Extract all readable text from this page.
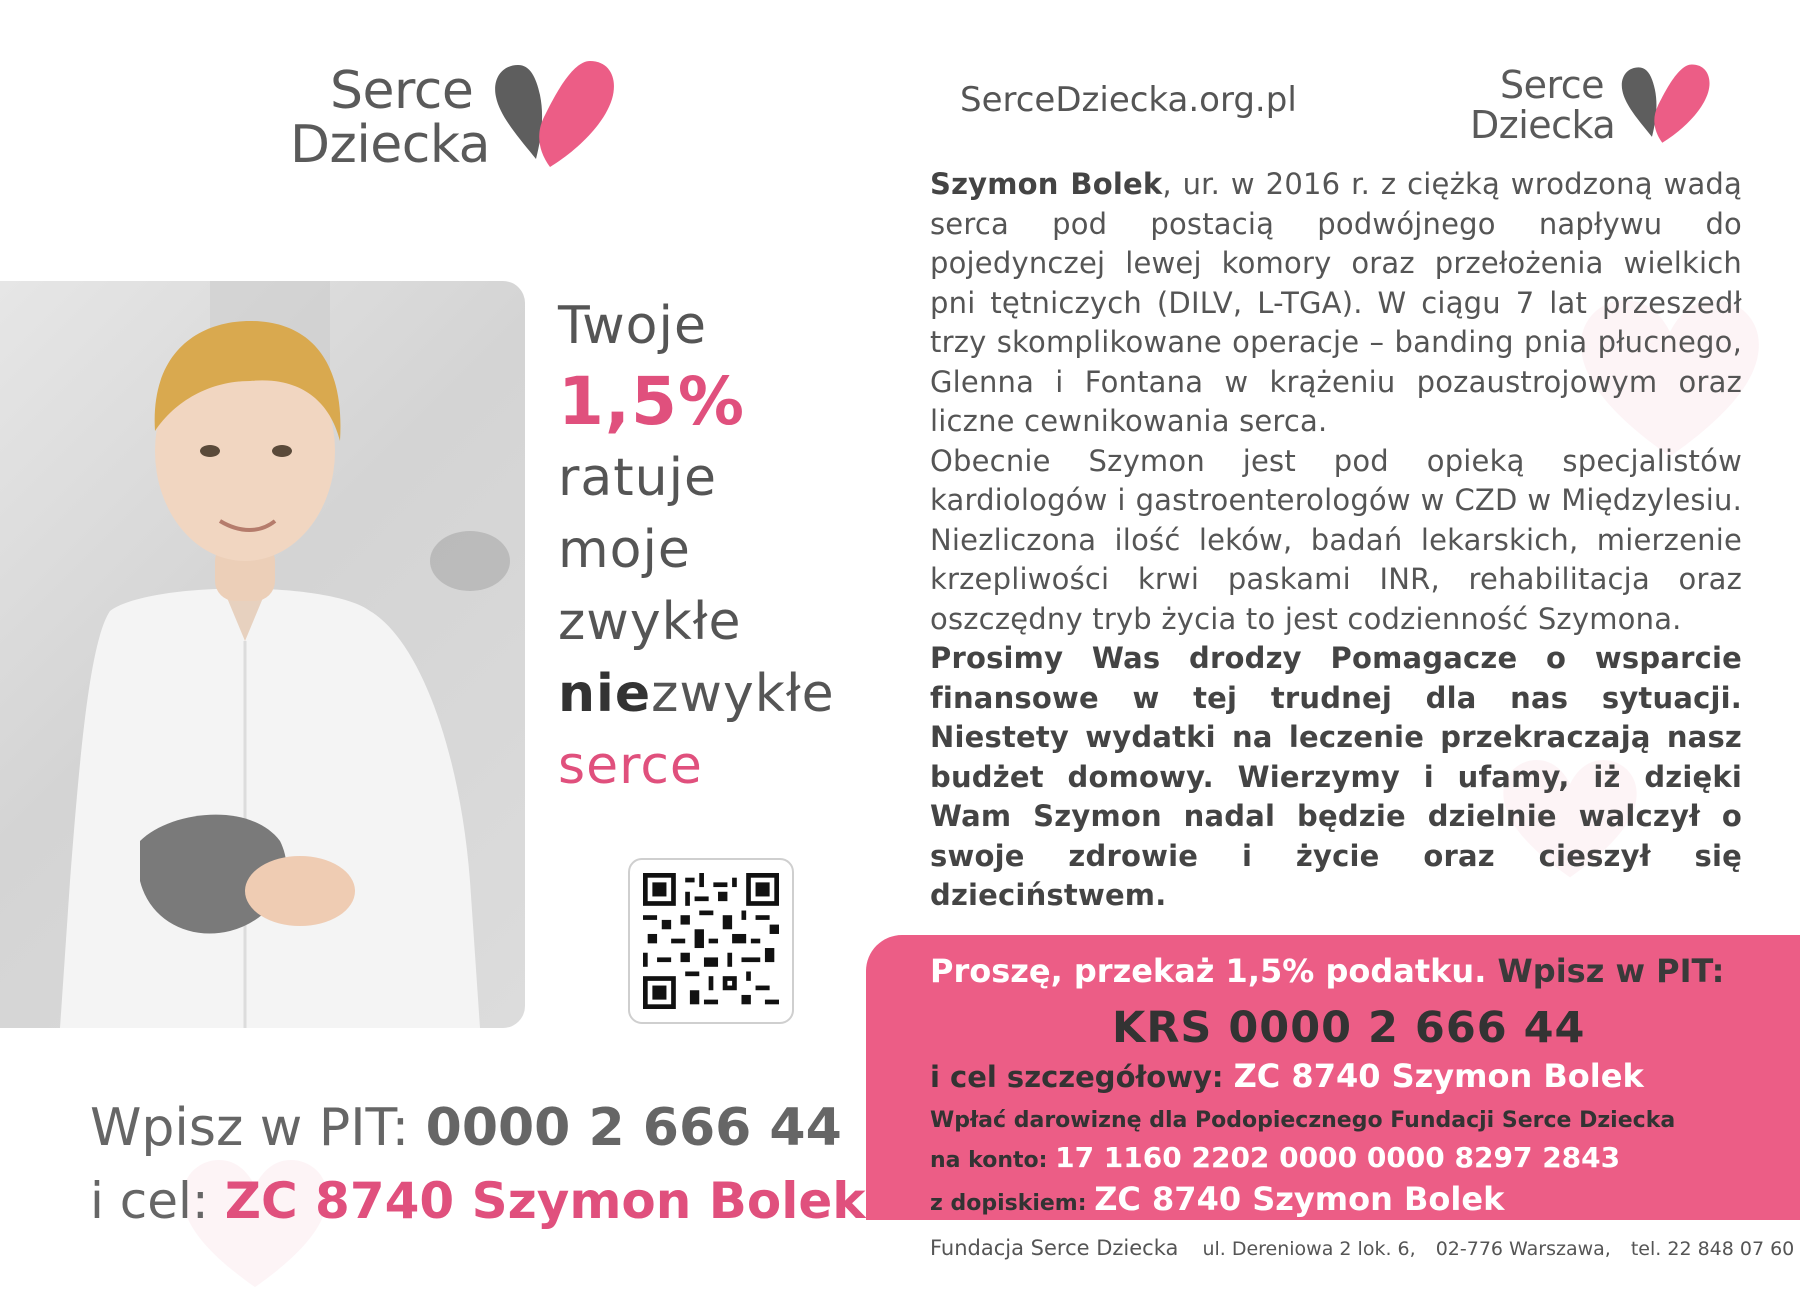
Serce
Dziecka
SerceDziecka.org.pl	Serce
Dziecka
Twoje
1,5%
ratuje
moje
zwykłe
niezwykłe
serce
Wpisz w PIT: 0000 2 666 44
i cel: ZC 8740 Szymon Bolek

Szymon Bolek, ur. w 2016 r. z ciężką wrodzoną wadą serca pod postacią podwójnego napływu do pojedynczej lewej komory oraz przełożenia wielkich pni tętniczych (DILV, L-TGA). W ciągu 7 lat przeszedł trzy skomplikowane operacje – banding pnia płucnego, Glenna i Fontana w krążeniu pozaustrojowym oraz liczne cewnikowania serca.

Obecnie Szymon jest pod opieką specjalistów kardiologów i gastroenterologów w CZD w Międzylesiu. Niezliczona ilość leków, badań lekarskich, mierzenie krzepliwości krwi paskami INR, rehabilitacja oraz oszczędny tryb życia to jest codzienność Szymona.

Prosimy Was drodzy Pomagacze o wsparcie finansowe w tej trudnej dla nas sytuacji. Niestety wydatki na leczenie przekraczają nasz budżet domowy. Wierzymy i ufamy, iż dzięki Wam Szymon nadal będzie dzielnie walczył o swoje zdrowie i życie oraz cieszył się dzieciństwem.

Proszę, przekaż 1,5% podatku. Wpisz w PIT:
KRS 0000 2 666 44
i cel szczegółowy: ZC 8740 Szymon Bolek
Wpłać darowiznę dla Podopiecznego Fundacji Serce Dziecka
na konto: 17 1160 2202 0000 0000 8297 2843
z dopiskiem: ZC 8740 Szymon Bolek
Fundacja Serce Dziecka ul. Dereniowa 2 lok. 6, 02-776 Warszawa, tel. 22 848 07 60
